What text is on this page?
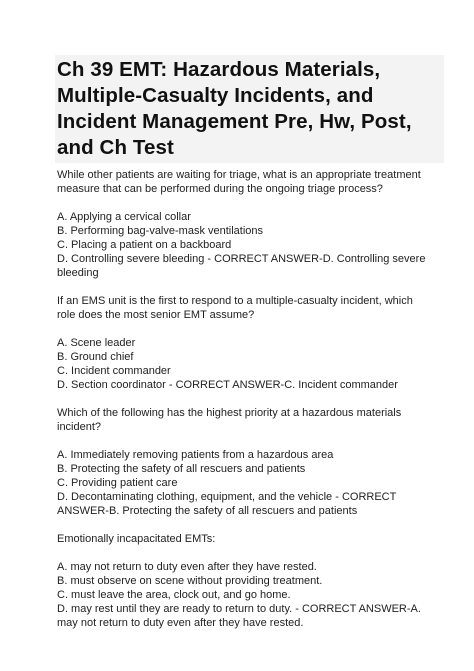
Ch 39 EMT: Hazardous Materials, Multiple-Casualty Incidents, and Incident Management Pre, Hw, Post, and Ch Test

While other patients are waiting for triage, what is an appropriate treatment measure that can be performed during the ongoing triage process?

A. Applying a cervical collar

B. Performing bag-valve-mask ventilations

C. Placing a patient on a backboard

D. Controlling severe bleeding - CORRECT ANSWER-D. Controlling severe bleeding

If an EMS unit is the first to respond to a multiple-casualty incident, which role does the most senior EMT assume?

A. Scene leader

B. Ground chief

C. Incident commander

D. Section coordinator - CORRECT ANSWER-C. Incident commander

Which of the following has the highest priority at a hazardous materials incident?

A. Immediately removing patients from a hazardous area

B. Protecting the safety of all rescuers and patients

C. Providing patient care

D. Decontaminating clothing, equipment, and the vehicle - CORRECT ANSWER-B. Protecting the safety of all rescuers and patients

Emotionally incapacitated EMTs:

A. may not return to duty even after they have rested.

B. must observe on scene without providing treatment.

C. must leave the area, clock out, and go home.

D. may rest until they are ready to return to duty. - CORRECT ANSWER-A. may not return to duty even after they have rested.
